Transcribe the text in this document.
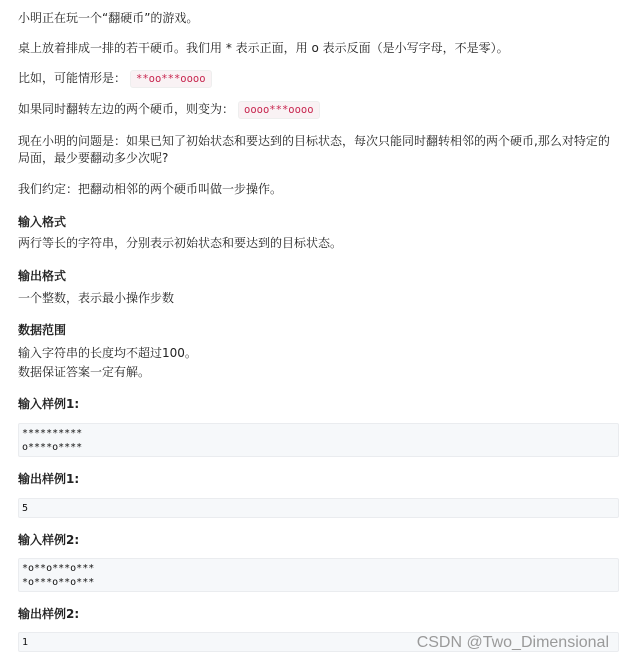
小明正在玩一个“翻硬币”的游戏。
桌上放着排成一排的若干硬币。我们用 * 表示正面，用 o 表示反面（是小写字母，不是零）。
比如，可能情形是： **oo***oooo
如果同时翻转左边的两个硬币，则变为： oooo***oooo
现在小明的问题是：如果已知了初始状态和要达到的目标状态，每次只能同时翻转相邻的两个硬币,那么对特定的
局面，最少要翻动多少次呢?
我们约定：把翻动相邻的两个硬币叫做一步操作。
输入格式
两行等长的字符串，分别表示初始状态和要达到的目标状态。
输出格式
一个整数，表示最小操作步数
数据范围
输入字符串的长度均不超过100。
数据保证答案一定有解。
输入样例1:
**********
o****o****
输出样例1:
5
输入样例2:
*o**o***o***
*o***o**o***
输出样例2:
1	CSDN @Two_Dimensional
